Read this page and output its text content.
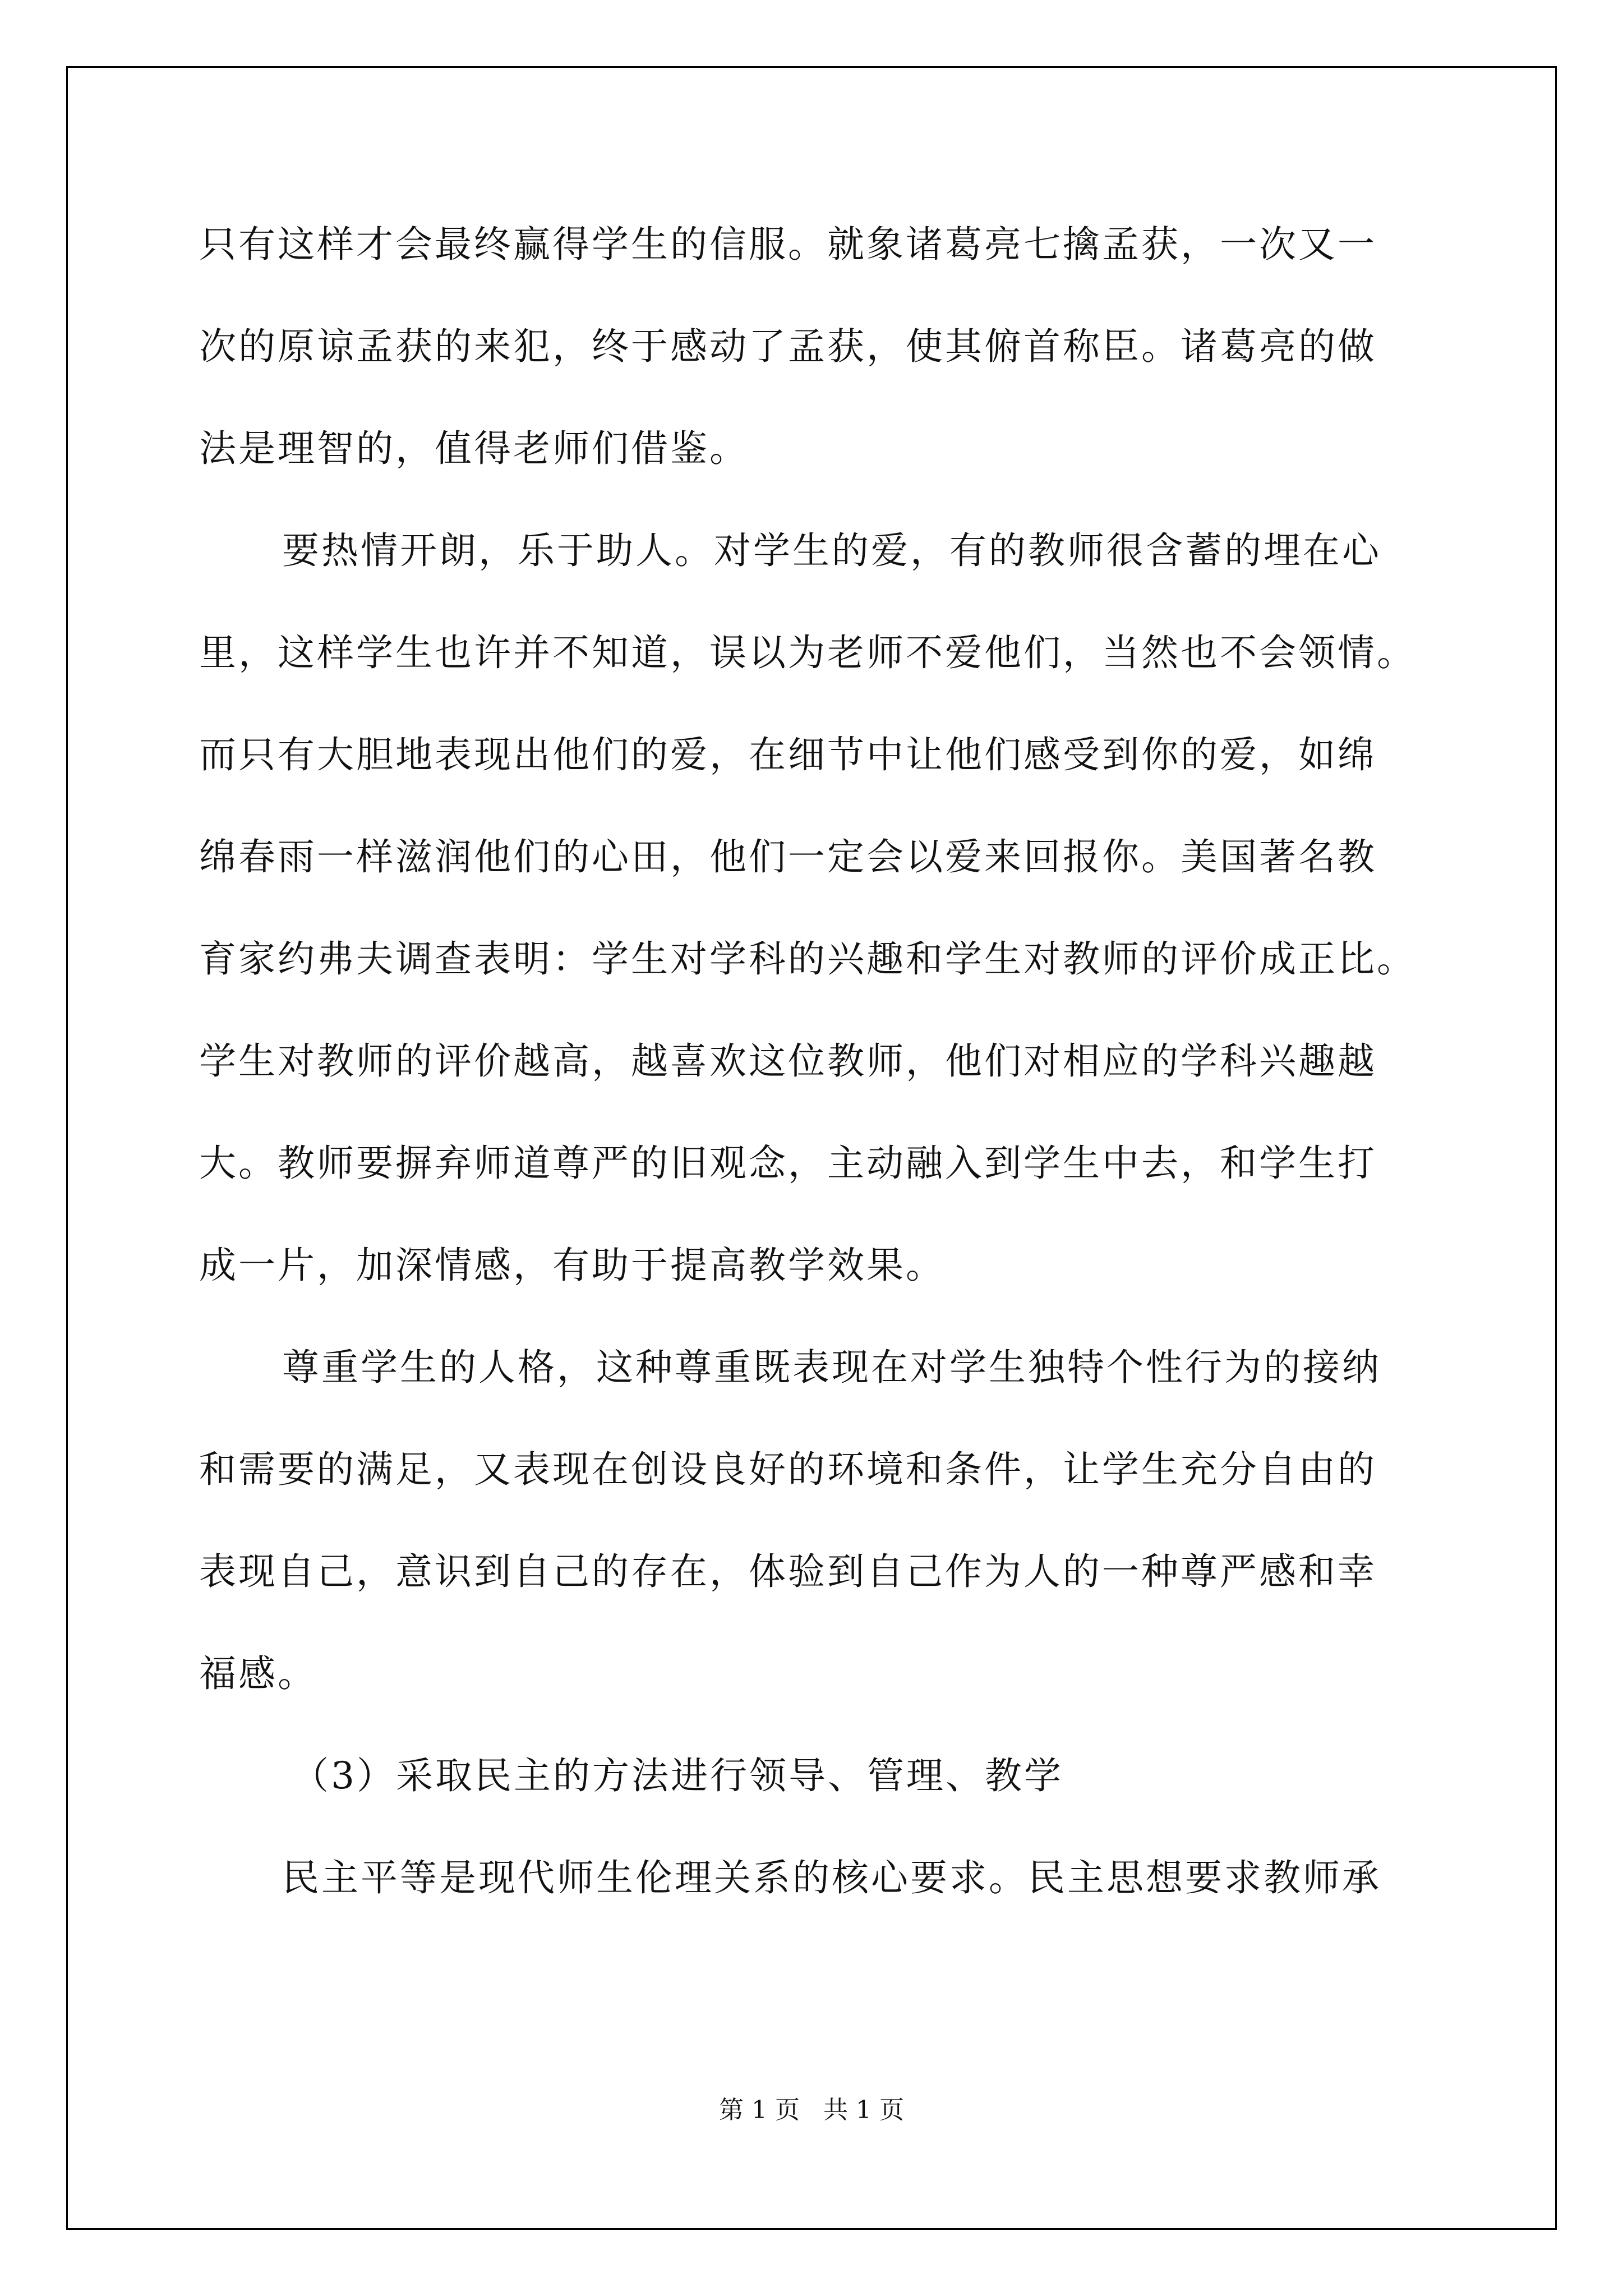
只有这样才会最终赢得学生的信服。就象诸葛亮七擒孟获，一次又一
次的原谅孟获的来犯，终于感动了孟获，使其俯首称臣。诸葛亮的做
法是理智的，值得老师们借鉴。

要热情开朗，乐于助人。对学生的爱，有的教师很含蓄的埋在心
里，这样学生也许并不知道，误以为老师不爱他们，当然也不会领情。
而只有大胆地表现出他们的爱，在细节中让他们感受到你的爱，如绵
绵春雨一样滋润他们的心田，他们一定会以爱来回报你。美国著名教
育家约弗夫调查表明：学生对学科的兴趣和学生对教师的评价成正比。
学生对教师的评价越高，越喜欢这位教师，他们对相应的学科兴趣越
大。教师要摒弃师道尊严的旧观念，主动融入到学生中去，和学生打
成一片，加深情感，有助于提高教学效果。

尊重学生的人格，这种尊重既表现在对学生独特个性行为的接纳
和需要的满足，又表现在创设良好的环境和条件，让学生充分自由的
表现自己，意识到自己的存在，体验到自己作为人的一种尊严感和幸
福感。

（3）采取民主的方法进行领导、管理、教学

民主平等是现代师生伦理关系的核心要求。民主思想要求教师承

第 1 页 共 1 页
